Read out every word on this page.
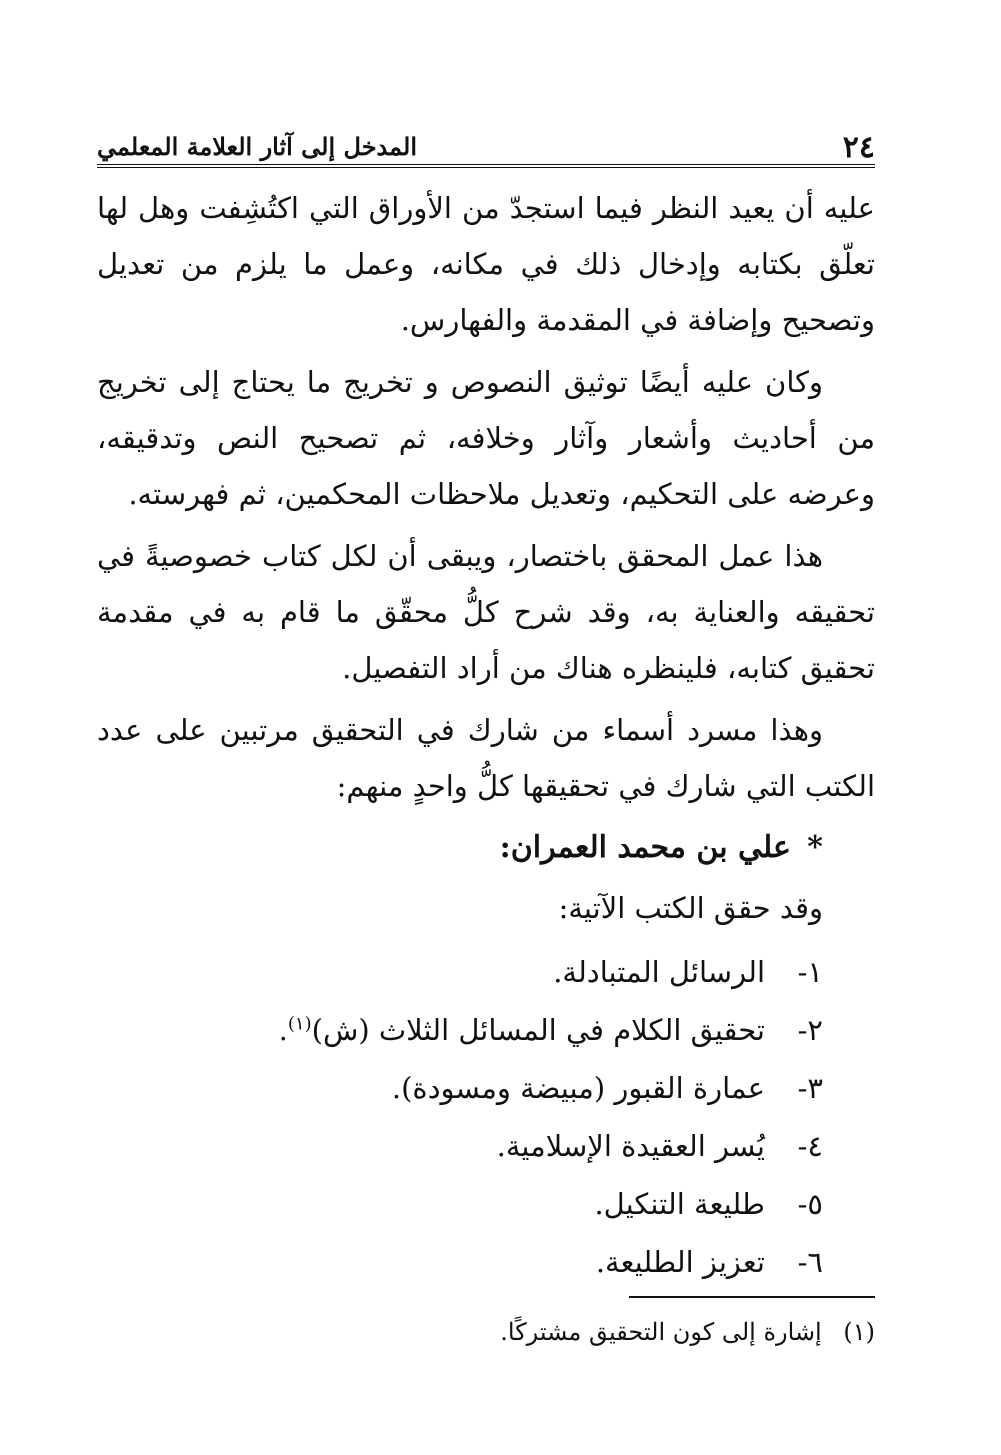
٢٤
المدخل إلى آثار العلامة المعلمي

عليه أن يعيد النظر فيما استجدّ من الأوراق التي اكتُشِفت وهل لها تعلّق بكتابه وإدخال ذلك في مكانه، وعمل ما يلزم من تعديل وتصحيح وإضافة في المقدمة والفهارس.

وكان عليه أيضًا توثيق النصوص و تخريج ما يحتاج إلى تخريج من أحاديث وأشعار وآثار وخلافه، ثم تصحيح النص وتدقيقه، وعرضه على التحكيم، وتعديل ملاحظات المحكمين، ثم فهرسته.

هذا عمل المحقق باختصار، ويبقى أن لكل كتاب خصوصيةً في تحقيقه والعناية به، وقد شرح كلُّ محقّق ما قام به في مقدمة تحقيق كتابه، فلينظره هناك من أراد التفصيل.

وهذا مسرد أسماء من شارك في التحقيق مرتبين على عدد الكتب التي شارك في تحقيقها كلُّ واحدٍ منهم:

* علي بن محمد العمران:
وقد حقق الكتب الآتية:
١-
الرسائل المتبادلة.
٢-
تحقيق الكلام في المسائل الثلاث (ش)$^{(١)}$.
٣-
عمارة القبور (مبيضة ومسودة).
٤-
يُسر العقيدة الإسلامية.
٥-
طليعة التنكيل.
٦-
تعزيز الطليعة.
(١) إشارة إلى كون التحقيق مشتركًا.
